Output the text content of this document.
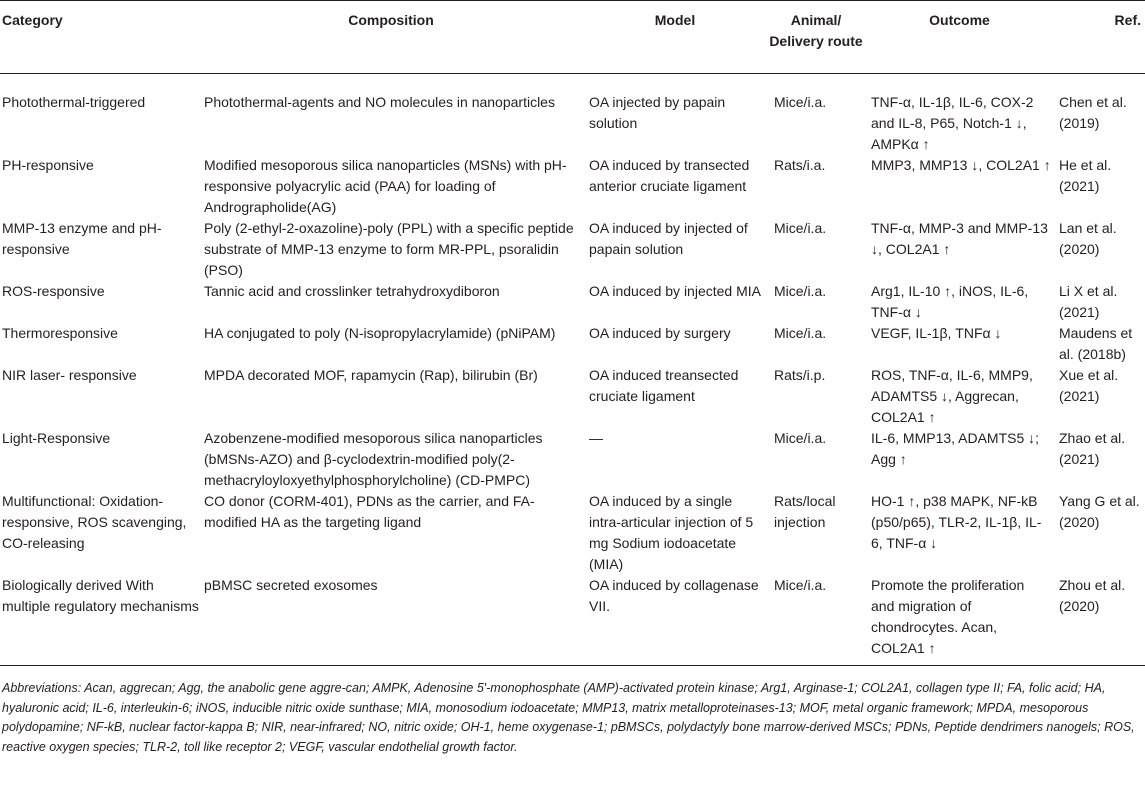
Category	Composition	Model	Animal/ Delivery route	Outcome	Ref.
Photothermal-triggered	Photothermal-agents and NO molecules in nanoparticles	OA injected by papain solution	Mice/i.a.	TNF-α, IL-1β, IL-6, COX-2 and IL-8, P65, Notch-1 ↓, AMPKα ↑	Chen et al. (2019)
PH-responsive	Modified mesoporous silica nanoparticles (MSNs) with pH-responsive polyacrylic acid (PAA) for loading of Andrographolide(AG)	OA induced by transected anterior cruciate ligament	Rats/i.a.	MMP3, MMP13 ↓, COL2A1 ↑	He et al. (2021)
MMP-13 enzyme and pH-responsive	Poly (2-ethyl-2-oxazoline)-poly (PPL) with a specific peptide substrate of MMP-13 enzyme to form MR-PPL, psoralidin (PSO)	OA induced by injected of papain solution	Mice/i.a.	TNF-α, MMP-3 and MMP-13 ↓, COL2A1 ↑	Lan et al. (2020)
ROS-responsive	Tannic acid and crosslinker tetrahydroxydiboron	OA induced by injected MIA	Mice/i.a.	Arg1, IL-10 ↑, iNOS, IL-6, TNF-α ↓	Li X et al. (2021)
Thermoresponsive	HA conjugated to poly (N-isopropylacrylamide) (pNiPAM)	OA induced by surgery	Mice/i.a.	VEGF, IL-1β, TNFα ↓	Maudens et al. (2018b)
NIR laser- responsive	MPDA decorated MOF, rapamycin (Rap), bilirubin (Br)	OA induced treansected cruciate ligament	Rats/i.p.	ROS, TNF-α, IL-6, MMP9, ADAMTS5 ↓, Aggrecan, COL2A1 ↑	Xue et al. (2021)
Light-Responsive	Azobenzene-modified mesoporous silica nanoparticles (bMSNs-AZO) and β-cyclodextrin-modified poly(2-methacryloyloxyethylphosphorylcholine) (CD-PMPC)	—	Mice/i.a.	IL-6, MMP13, ADAMTS5 ↓; Agg ↑	Zhao et al. (2021)
Multifunctional: Oxidation-responsive, ROS scavenging, CO-releasing	CO donor (CORM-401), PDNs as the carrier, and FA-modified HA as the targeting ligand	OA induced by a single intra-articular injection of 5 mg Sodium iodoacetate (MIA)	Rats/local injection	HO-1 ↑, p38 MAPK, NF-kB (p50/p65), TLR-2, IL-1β, IL-6, TNF-α ↓	Yang G et al. (2020)
Biologically derived With multiple regulatory mechanisms	pBMSC secreted exosomes	OA induced by collagenase VII.	Mice/i.a.	Promote the proliferation and migration of chondrocytes. Acan, COL2A1 ↑	Zhou et al. (2020)
Abbreviations: Acan, aggrecan; Agg, the anabolic gene aggre-can; AMPK, Adenosine 5′-monophosphate (AMP)-activated protein kinase; Arg1, Arginase-1; COL2A1, collagen type II; FA, folic acid; HA, hyaluronic acid; IL-6, interleukin-6; iNOS, inducible nitric oxide sunthase; MIA, monosodium iodoacetate; MMP13, matrix metalloproteinases-13; MOF, metal organic framework; MPDA, mesoporous polydopamine; NF-kB, nuclear factor-kappa B; NIR, near-infrared; NO, nitric oxide; OH-1, heme oxygenase-1; pBMSCs, polydactyly bone marrow-derived MSCs; PDNs, Peptide dendrimers nanogels; ROS, reactive oxygen species; TLR-2, toll like receptor 2; VEGF, vascular endothelial growth factor.
